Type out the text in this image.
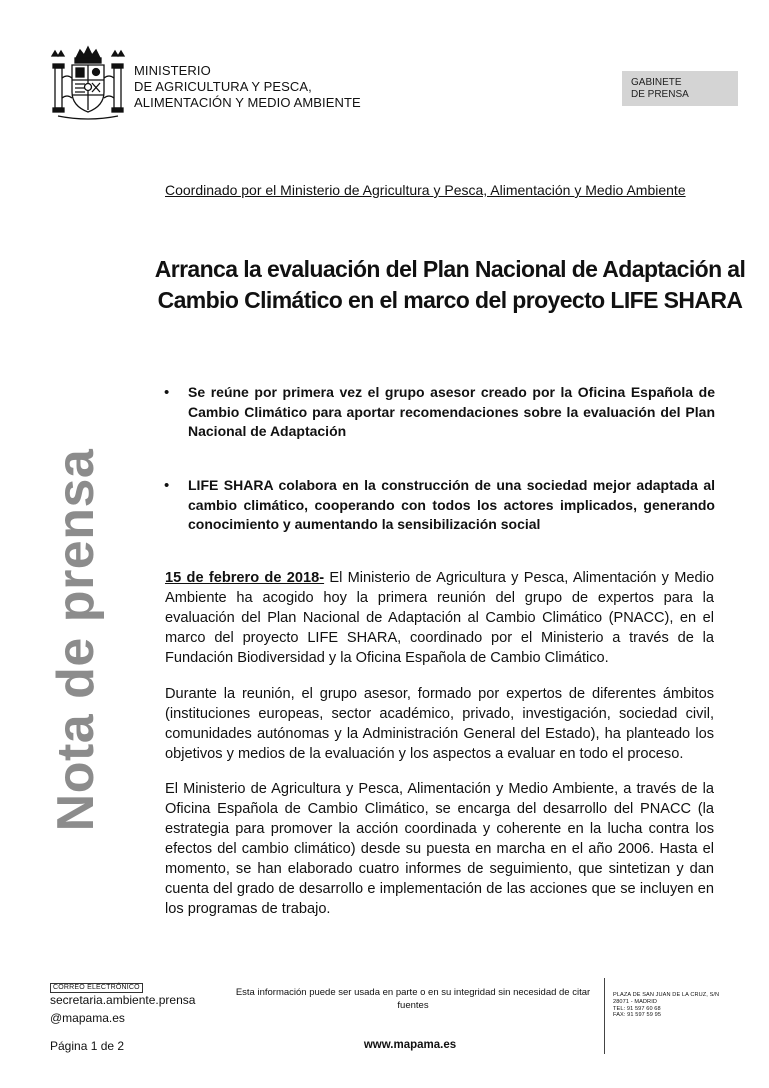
MINISTERIO
DE AGRICULTURA Y PESCA,
ALIMENTACIÓN Y MEDIO AMBIENTE
GABINETE
DE PRENSA
Nota de prensa
Coordinado por el Ministerio de Agricultura y Pesca, Alimentación y Medio Ambiente
Arranca la evaluación del Plan Nacional de Adaptación al Cambio Climático en el marco del proyecto LIFE SHARA
• Se reúne por primera vez el grupo asesor creado por la Oficina Española de Cambio Climático para aportar recomendaciones sobre la evaluación del Plan Nacional de Adaptación
• LIFE SHARA colabora en la construcción de una sociedad mejor adaptada al cambio climático, cooperando con todos los actores implicados, generando conocimiento y aumentando la sensibilización social
15 de febrero de 2018- El Ministerio de Agricultura y Pesca, Alimentación y Medio Ambiente ha acogido hoy la primera reunión del grupo de expertos para la evaluación del Plan Nacional de Adaptación al Cambio Climático (PNACC), en el marco del proyecto LIFE SHARA, coordinado por el Ministerio a través de la Fundación Biodiversidad y la Oficina Española de Cambio Climático.
Durante la reunión, el grupo asesor, formado por expertos de diferentes ámbitos (instituciones europeas, sector académico, privado, investigación, sociedad civil, comunidades autónomas y la Administración General del Estado), ha planteado los objetivos y medios de la evaluación y los aspectos a evaluar en todo el proceso.
El Ministerio de Agricultura y Pesca, Alimentación y Medio Ambiente, a través de la Oficina Española de Cambio Climático, se encarga del desarrollo del PNACC (la estrategia para promover la acción coordinada y coherente en la lucha contra los efectos del cambio climático) desde su puesta en marcha en el año 2006. Hasta el momento, se han elaborado cuatro informes de seguimiento, que sintetizan y dan cuenta del grado de desarrollo e implementación de las acciones que se incluyen en los programas de trabajo.
CORREO ELECTRÓNICO
secretaria.ambiente.prensa
@mapama.es
Página 1 de 2
Esta información puede ser usada en parte o en su integridad sin necesidad de citar fuentes
www.mapama.es
PLAZA DE SAN JUAN DE LA CRUZ, S/N
28071 - MADRID
TEL: 91 597 60 68
FAX: 91 597 59 95
